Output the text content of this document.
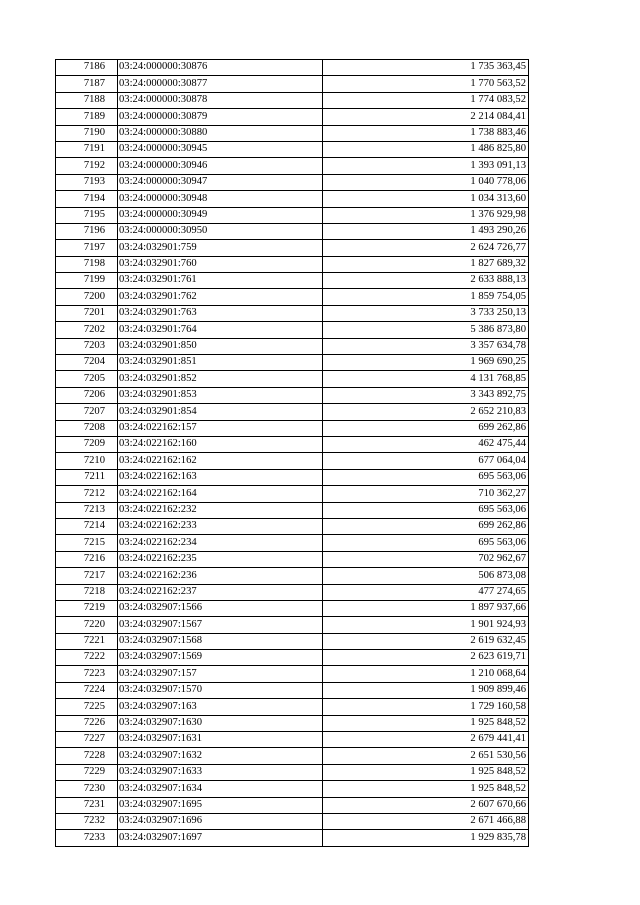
7186	03:24:000000:30876	1 735 363,45
7187	03:24:000000:30877	1 770 563,52
7188	03:24:000000:30878	1 774 083,52
7189	03:24:000000:30879	2 214 084,41
7190	03:24:000000:30880	1 738 883,46
7191	03:24:000000:30945	1 486 825,80
7192	03:24:000000:30946	1 393 091,13
7193	03:24:000000:30947	1 040 778,06
7194	03:24:000000:30948	1 034 313,60
7195	03:24:000000:30949	1 376 929,98
7196	03:24:000000:30950	1 493 290,26
7197	03:24:032901:759	2 624 726,77
7198	03:24:032901:760	1 827 689,32
7199	03:24:032901:761	2 633 888,13
7200	03:24:032901:762	1 859 754,05
7201	03:24:032901:763	3 733 250,13
7202	03:24:032901:764	5 386 873,80
7203	03:24:032901:850	3 357 634,78
7204	03:24:032901:851	1 969 690,25
7205	03:24:032901:852	4 131 768,85
7206	03:24:032901:853	3 343 892,75
7207	03:24:032901:854	2 652 210,83
7208	03:24:022162:157	699 262,86
7209	03:24:022162:160	462 475,44
7210	03:24:022162:162	677 064,04
7211	03:24:022162:163	695 563,06
7212	03:24:022162:164	710 362,27
7213	03:24:022162:232	695 563,06
7214	03:24:022162:233	699 262,86
7215	03:24:022162:234	695 563,06
7216	03:24:022162:235	702 962,67
7217	03:24:022162:236	506 873,08
7218	03:24:022162:237	477 274,65
7219	03:24:032907:1566	1 897 937,66
7220	03:24:032907:1567	1 901 924,93
7221	03:24:032907:1568	2 619 632,45
7222	03:24:032907:1569	2 623 619,71
7223	03:24:032907:157	1 210 068,64
7224	03:24:032907:1570	1 909 899,46
7225	03:24:032907:163	1 729 160,58
7226	03:24:032907:1630	1 925 848,52
7227	03:24:032907:1631	2 679 441,41
7228	03:24:032907:1632	2 651 530,56
7229	03:24:032907:1633	1 925 848,52
7230	03:24:032907:1634	1 925 848,52
7231	03:24:032907:1695	2 607 670,66
7232	03:24:032907:1696	2 671 466,88
7233	03:24:032907:1697	1 929 835,78
